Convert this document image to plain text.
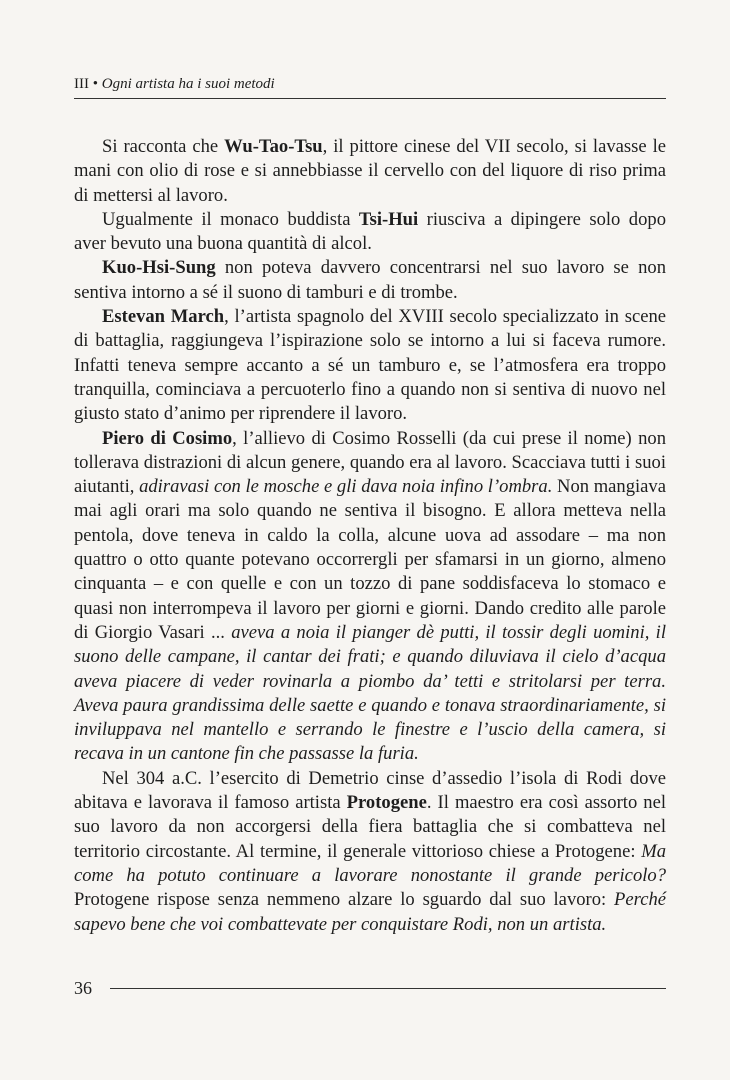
III • Ogni artista ha i suoi metodi

Si racconta che Wu-Tao-Tsu, il pittore cinese del VII secolo, si lavasse le mani con olio di rose e si annebbiasse il cervello con del liquore di riso prima di mettersi al lavoro.

Ugualmente il monaco buddista Tsi-Hui riusciva a dipingere solo dopo aver bevuto una buona quantità di alcol.

Kuo-Hsi-Sung non poteva davvero concentrarsi nel suo lavoro se non sentiva intorno a sé il suono di tamburi e di trombe.

Estevan March, l’artista spagnolo del XVIII secolo specializzato in scene di battaglia, raggiungeva l’ispirazione solo se intorno a lui si faceva rumore. Infatti teneva sempre accanto a sé un tamburo e, se l’atmosfera era troppo tranquilla, cominciava a percuoterlo fino a quando non si sentiva di nuovo nel giusto stato d’animo per riprendere il lavoro.

Piero di Cosimo, l’allievo di Cosimo Rosselli (da cui prese il nome) non tollerava distrazioni di alcun genere, quando era al lavoro. Scacciava tutti i suoi aiutanti, adiravasi con le mosche e gli dava noia infino l’ombra. Non mangiava mai agli orari ma solo quando ne sentiva il bisogno. E allora metteva nella pentola, dove teneva in caldo la colla, alcune uova ad assodare – ma non quattro o otto quante potevano occorrergli per sfamarsi in un giorno, almeno cinquanta – e con quelle e con un tozzo di pane soddisfaceva lo stomaco e quasi non interrompeva il lavoro per giorni e giorni. Dando credito alle parole di Giorgio Vasari ... aveva a noia il pianger dè putti, il tossir degli uomini, il suono delle campane, il cantar dei frati; e quando diluviava il cielo d’acqua aveva piacere di veder rovinarla a piombo da’ tetti e stritolarsi per terra. Aveva paura grandissima delle saette e quando e tonava straordinariamente, si inviluppava nel mantello e serrando le finestre e l’uscio della camera, si recava in un cantone fin che passasse la furia.

Nel 304 a.C. l’esercito di Demetrio cinse d’assedio l’isola di Rodi dove abitava e lavorava il famoso artista Protogene. Il maestro era così assorto nel suo lavoro da non accorgersi della fiera battaglia che si combatteva nel territorio circostante. Al termine, il generale vittorioso chiese a Protogene: Ma come ha potuto continuare a lavorare nonostante il grande pericolo? Protogene rispose senza nemmeno alzare lo sguardo dal suo lavoro: Perché sapevo bene che voi combattevate per conquistare Rodi, non un artista.

36
